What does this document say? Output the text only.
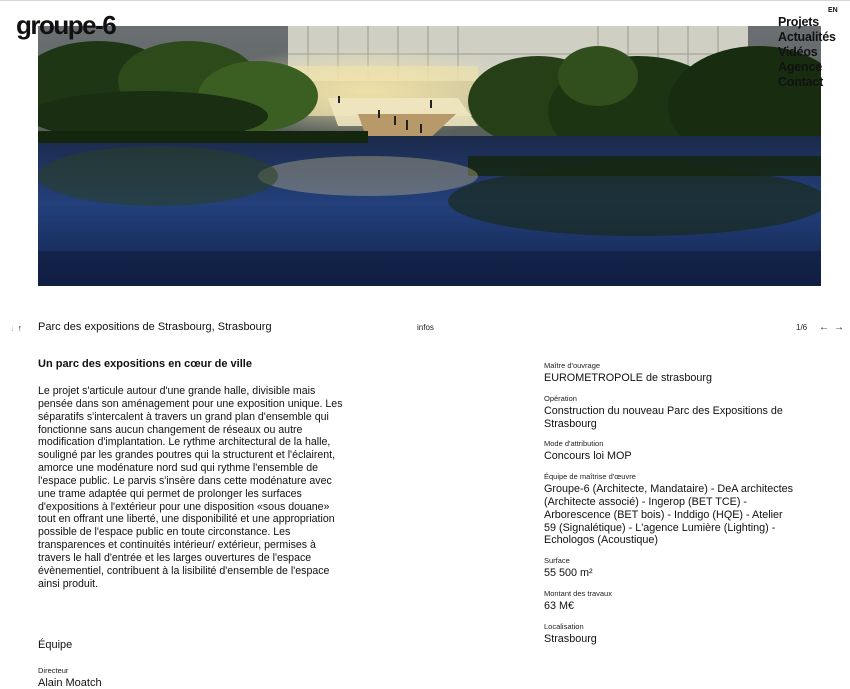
groupe-6	EN
Projets
Actualités
Vidéos
Agence
Contact
↓↑ Parc des expositions de Strasbourg, Strasbourg	infos	1/6 ←→
Un parc des expositions en cœur de ville

Le projet s'articule autour d'une grande halle, divisible mais pensée dans son aménagement pour une exposition unique. Les séparatifs s'intercalent à travers un grand plan d'ensemble qui fonctionne sans aucun changement de réseaux ou autre modification d'implantation. Le rythme architectural de la halle, souligné par les grandes poutres qui la structurent et l'éclairent, amorce une modénature nord sud qui rythme l'ensemble de l'espace public. Le parvis s'insère dans cette modénature avec une trame adaptée qui permet de prolonger les surfaces d'expositions à l'extérieur pour une disposition «sous douane» tout en offrant une liberté, une disponibilité et une appropriation possible de l'espace public en toute circonstance. Les transparences et continuités intérieur/ extérieur, permises à travers le hall d'entrée et les larges ouvertures de l'espace évènementiel, contribuent à la lisibilité d'ensemble de l'espace ainsi produit.

Équipe
Directeur
Alain Moatch
Maître d'ouvrage
EUROMETROPOLE de strasbourg
Opération
Construction du nouveau Parc des Expositions de Strasbourg
Mode d'attribution
Concours loi MOP
Équipe de maîtrise d'œuvre
Groupe-6 (Architecte, Mandataire) - DeA architectes (Architecte associé) - Ingerop (BET TCE) - Arborescence (BET bois) - Inddigo (HQE) - Atelier 59 (Signalétique) - L'agence Lumière (Lighting) - Echologos (Acoustique)
Surface
55 500 m²
Montant des travaux
63 M€
Localisation
Strasbourg
